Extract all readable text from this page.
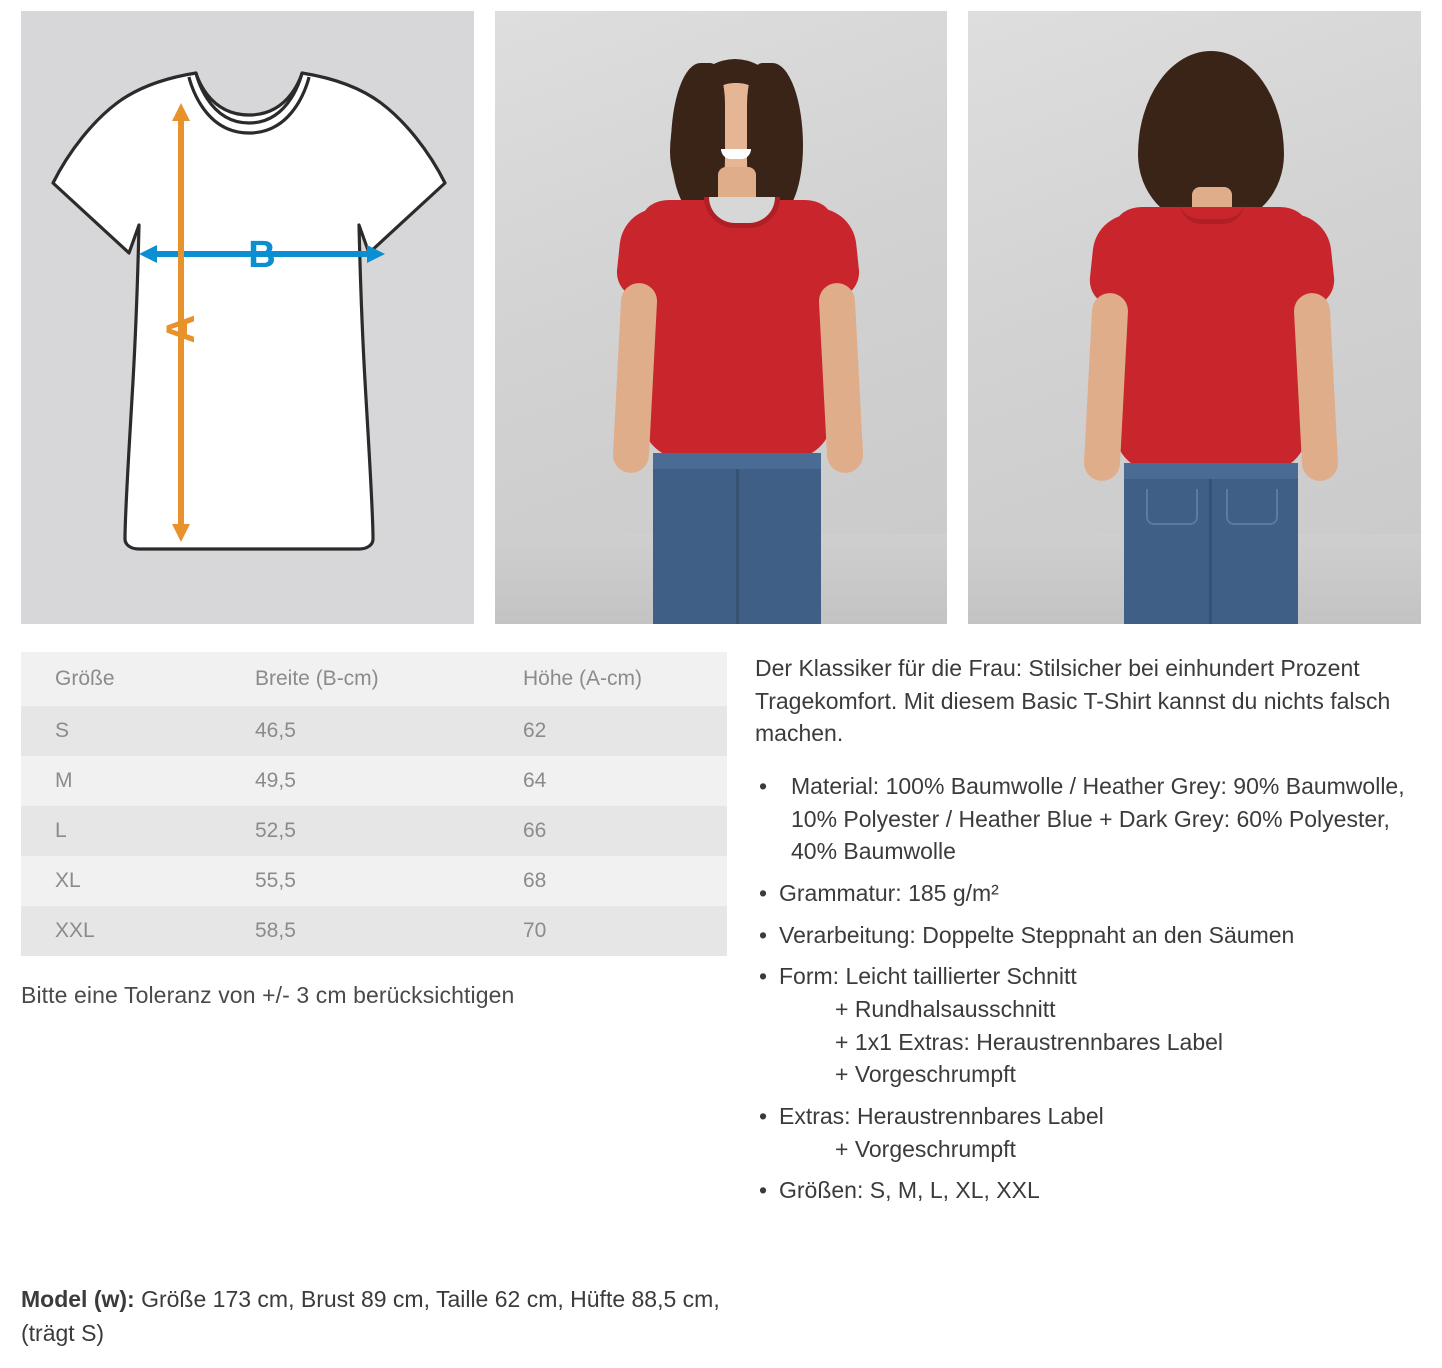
B
A
Größe	Breite (B-cm)	Höhe (A-cm)
S	46,5	62
M	49,5	64
L	52,5	66
XL	55,5	68
XXL	58,5	70
Bitte eine Toleranz von +/- 3 cm berücksichtigen

Der Klassiker für die Frau: Stilsicher bei einhundert Prozent Tragekomfort. Mit diesem Basic T-Shirt kannst du nichts falsch machen.

• Material: 100% Baumwolle / Heather Grey: 90% Baumwolle, 10% Polyester / Heather Blue + Dark Grey: 60% Polyester, 40% Baumwolle
• Grammatur: 185 g/m²
• Verarbeitung: Doppelte Steppnaht an den Säumen
• Form: Leicht taillierter Schnitt
+ Rundhalsausschnitt
+ 1x1 Extras: Heraustrennbares Label
+ Vorgeschrumpft
• Extras: Heraustrennbares Label
+ Vorgeschrumpft
• Größen: S, M, L, XL, XXL
Model (w): Größe 173 cm, Brust 89 cm, Taille 62 cm, Hüfte 88,5 cm, (trägt S)
